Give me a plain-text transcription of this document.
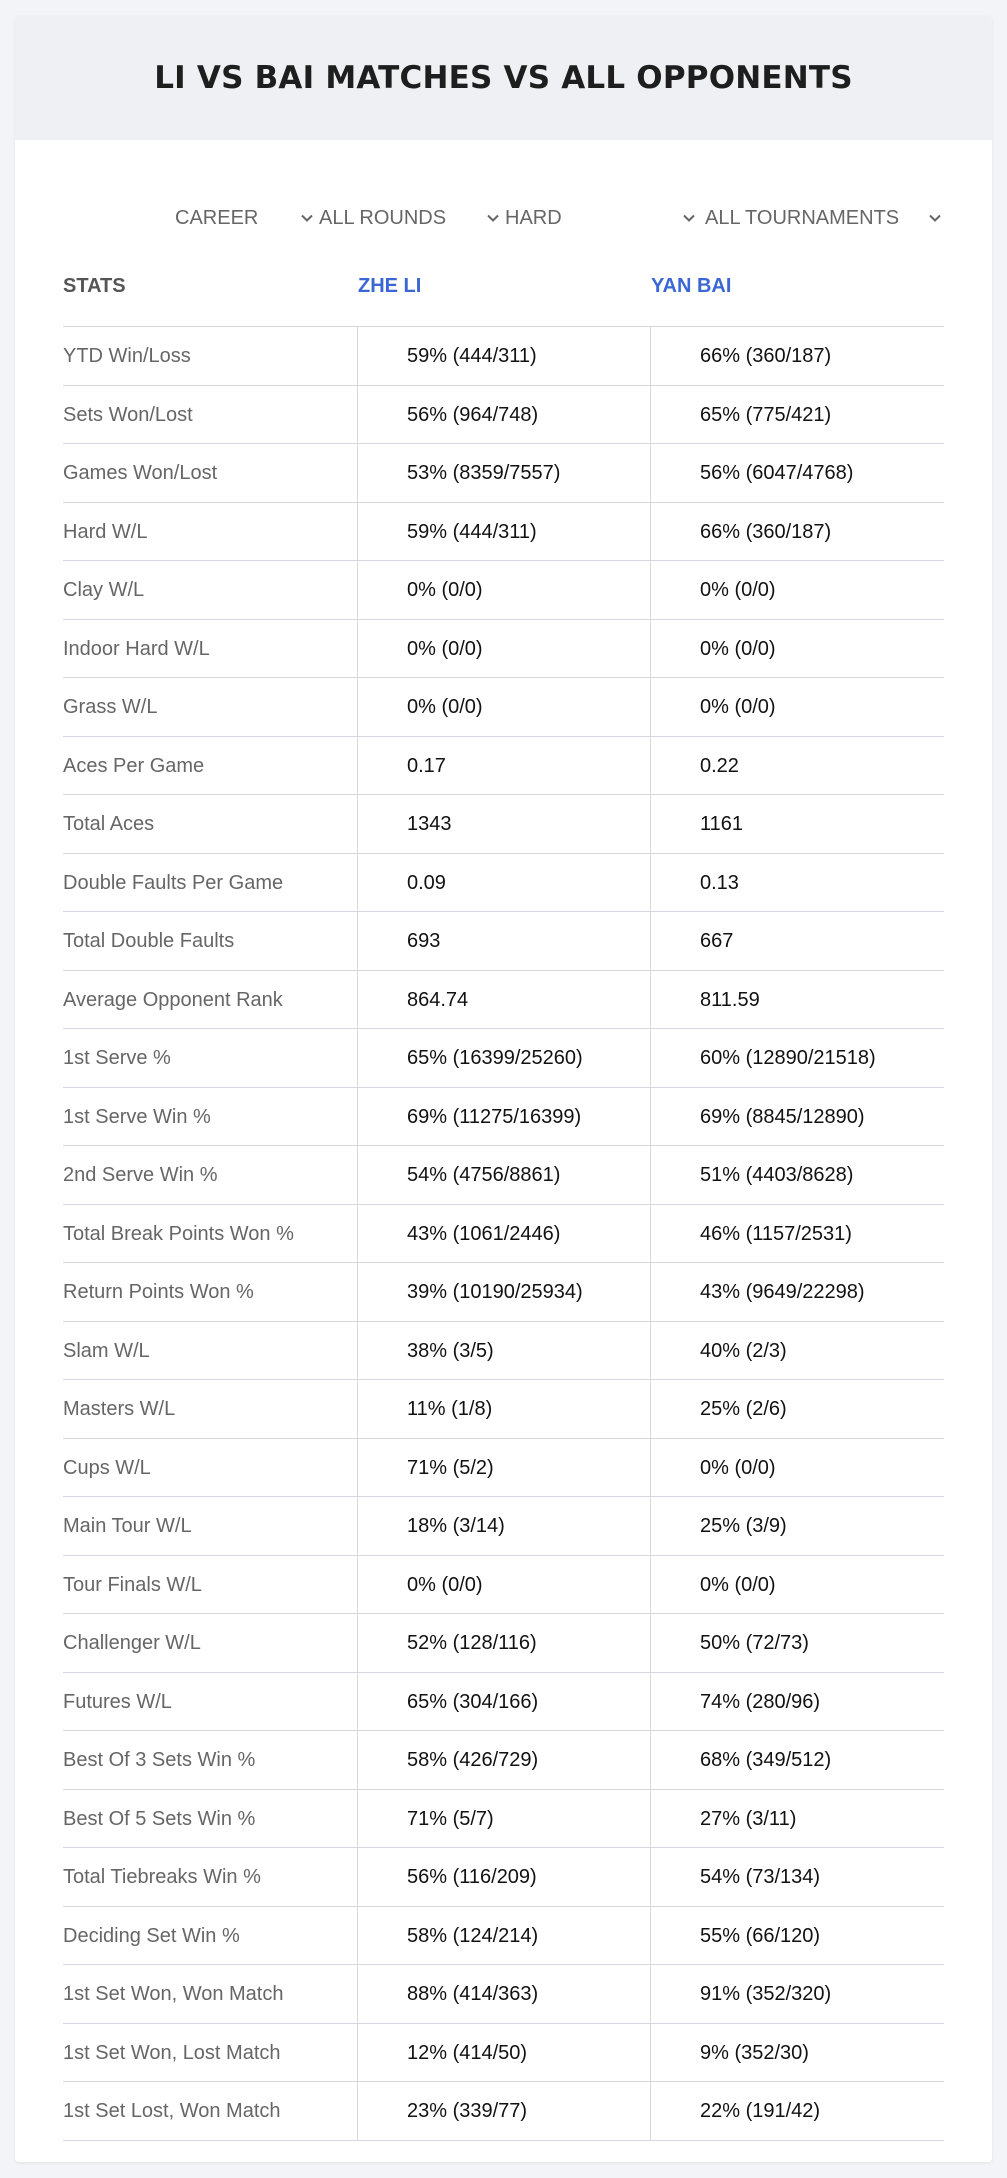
LI VS BAI MATCHES VS ALL OPPONENTS
CAREER	ALL ROUNDS	HARD	ALL TOURNAMENTS
STATS	ZHE LI	YAN BAI
YTD Win/Loss	59% (444/311)	66% (360/187)
Sets Won/Lost	56% (964/748)	65% (775/421)
Games Won/Lost	53% (8359/7557)	56% (6047/4768)
Hard W/L	59% (444/311)	66% (360/187)
Clay W/L	0% (0/0)	0% (0/0)
Indoor Hard W/L	0% (0/0)	0% (0/0)
Grass W/L	0% (0/0)	0% (0/0)
Aces Per Game	0.17	0.22
Total Aces	1343	1161
Double Faults Per Game	0.09	0.13
Total Double Faults	693	667
Average Opponent Rank	864.74	811.59
1st Serve %	65% (16399/25260)	60% (12890/21518)
1st Serve Win %	69% (11275/16399)	69% (8845/12890)
2nd Serve Win %	54% (4756/8861)	51% (4403/8628)
Total Break Points Won %	43% (1061/2446)	46% (1157/2531)
Return Points Won %	39% (10190/25934)	43% (9649/22298)
Slam W/L	38% (3/5)	40% (2/3)
Masters W/L	11% (1/8)	25% (2/6)
Cups W/L	71% (5/2)	0% (0/0)
Main Tour W/L	18% (3/14)	25% (3/9)
Tour Finals W/L	0% (0/0)	0% (0/0)
Challenger W/L	52% (128/116)	50% (72/73)
Futures W/L	65% (304/166)	74% (280/96)
Best Of 3 Sets Win %	58% (426/729)	68% (349/512)
Best Of 5 Sets Win %	71% (5/7)	27% (3/11)
Total Tiebreaks Win %	56% (116/209)	54% (73/134)
Deciding Set Win %	58% (124/214)	55% (66/120)
1st Set Won, Won Match	88% (414/363)	91% (352/320)
1st Set Won, Lost Match	12% (414/50)	9% (352/30)
1st Set Lost, Won Match	23% (339/77)	22% (191/42)
